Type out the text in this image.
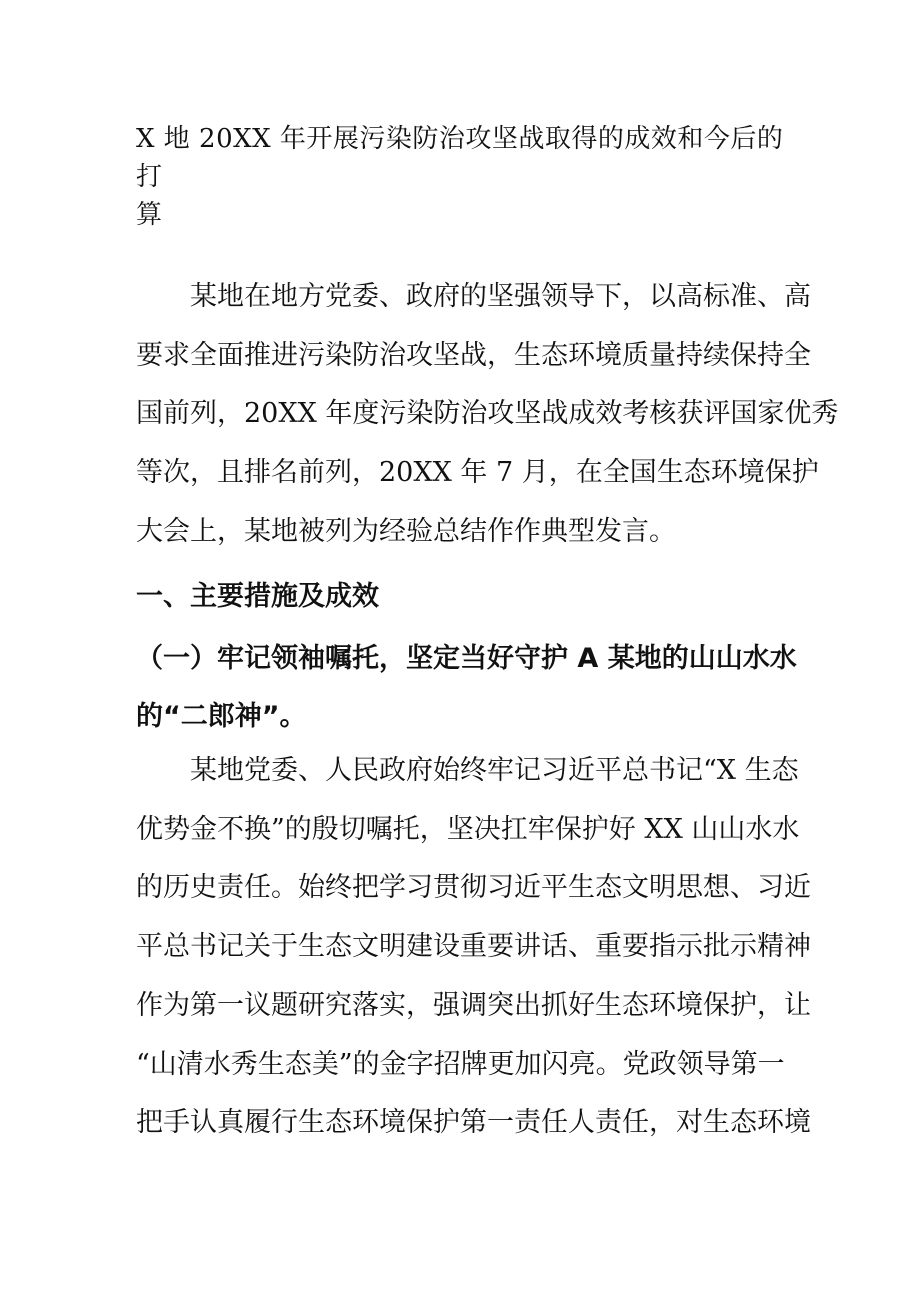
X 地 20XX 年开展污染防治攻坚战取得的成效和今后的打
算

某地在地方党委、政府的坚强领导下，以高标准、高
要求全面推进污染防治攻坚战，生态环境质量持续保持全
国前列，20XX 年度污染防治攻坚战成效考核获评国家优秀
等次，且排名前列，20XX 年 7 月，在全国生态环境保护
大会上，某地被列为经验总结作作典型发言。

一、主要措施及成效
（一）牢记领袖嘱托，坚定当好守护 A 某地的山山水水
的“二郎神”。

某地党委、人民政府始终牢记习近平总书记“X 生态
优势金不换”的殷切嘱托，坚决扛牢保护好 XX 山山水水
的历史责任。始终把学习贯彻习近平生态文明思想、习近
平总书记关于生态文明建设重要讲话、重要指示批示精神
作为第一议题研究落实，强调突出抓好生态环境保护，让
“山清水秀生态美”的金字招牌更加闪亮。党政领导第一
把手认真履行生态环境保护第一责任人责任，对生态环境
